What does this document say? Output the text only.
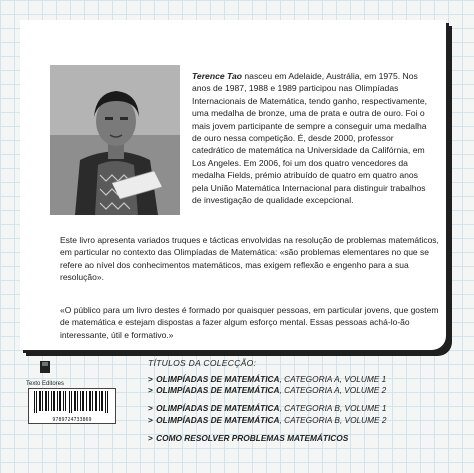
Terence Tao nasceu em Adelaide, Austrália, em 1975. Nos anos de 1987, 1988 e 1989 participou nas Olimpíadas Internacionais de Matemática, tendo ganho, respectivamente, uma medalha de bronze, uma de prata e outra de ouro. Foi o mais jovem participante de sempre a conseguir uma medalha de ouro nessa competição. É, desde 2000, professor catedrático de matemática na Universidade da Califórnia, em Los Angeles. Em 2006, foi um dos quatro vencedores da medalha Fields, prémio atribuído de quatro em quatro anos pela União Matemática Internacional para distinguir trabalhos de investigação de qualidade excepcional.
Este livro apresenta variados truques e tácticas envolvidas na resolução de problemas matemáticos, em particular no contexto das Olimpíadas de Matemática: «são problemas elementares no que se refere ao nível dos conhecimentos matemáticos, mas exigem reflexão e engenho para a sua resolução».
«O público para um livro destes é formado por quaisquer pessoas, em particular jovens, que gostem de matemática e estejam dispostas a fazer algum esforço mental. Essas pessoas achá-lo-ão interessante, útil e formativo.»
Texto Editores
9789724733869
TÍTULOS DA COLECÇÃO:
> OLIMPÍADAS DE MATEMÁTICA, CATEGORIA A, VOLUME 1
> OLIMPÍADAS DE MATEMÁTICA, CATEGORIA A, VOLUME 2
> OLIMPÍADAS DE MATEMÁTICA, CATEGORIA B, VOLUME 1
> OLIMPÍADAS DE MATEMÁTICA, CATEGORIA B, VOLUME 2
> COMO RESOLVER PROBLEMAS MATEMÁTICOS
